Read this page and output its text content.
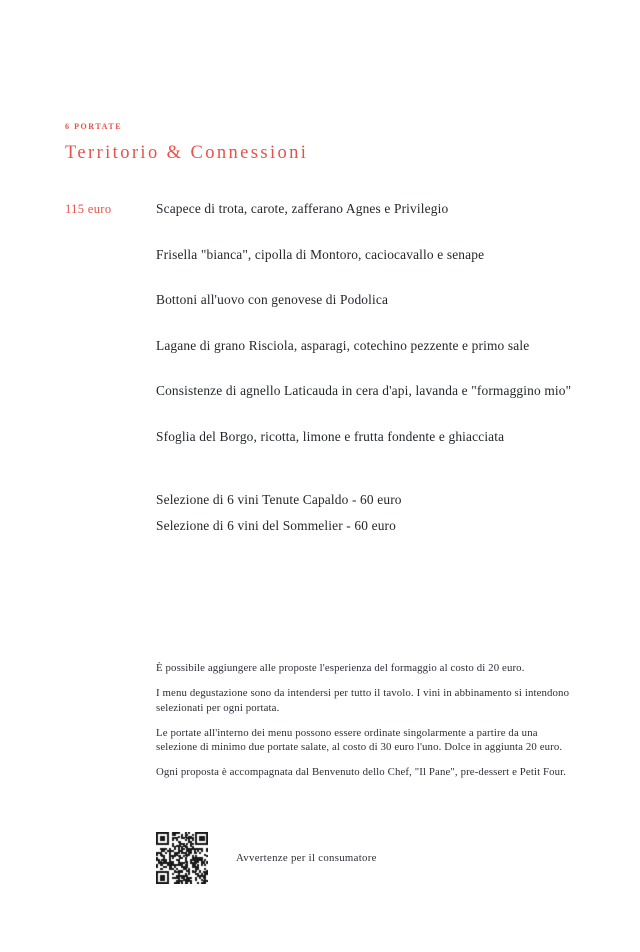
6 PORTATE
Territorio & Connessioni
115 euro	Scapece di trota, carote, zafferano Agnes e Privilegio
Frisella "bianca", cipolla di Montoro, caciocavallo e senape
Bottoni all'uovo con genovese di Podolica
Lagane di grano Risciola, asparagi, cotechino pezzente e primo sale
Consistenze di agnello Laticauda in cera d'api, lavanda e "formaggino mio"
Sfoglia del Borgo, ricotta, limone e frutta fondente e ghiacciata
Selezione di 6 vini Tenute Capaldo - 60 euro
Selezione di 6 vini del Sommelier - 60 euro

È possibile aggiungere alle proposte l'esperienza del formaggio al costo di 20 euro.

I menu degustazione sono da intendersi per tutto il tavolo. I vini in abbinamento si intendono selezionati per ogni portata.

Le portate all'interno dei menu possono essere ordinate singolarmente a partire da una selezione di minimo due portate salate, al costo di 30 euro l'uno. Dolce in aggiunta 20 euro.

Ogni proposta è accompagnata dal Benvenuto dello Chef, "Il Pane", pre-dessert e Petit Four.

Avvertenze per il consumatore
